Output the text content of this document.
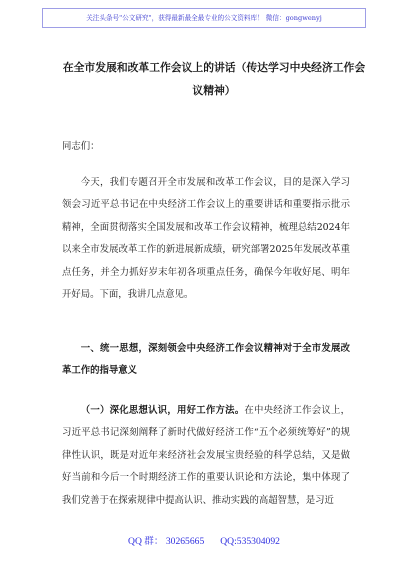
关注头条号"公文研究"，获得最新最全最专业的公文资料库！ 微信：gongwenyj
在全市发展和改革工作会议上的讲话（传达学习中央经济工作会议精神）

同志们：

今天，我们专题召开全市发展和改革工作会议，目的是深入学习领会习近平总书记在中央经济工作会议上的重要讲话和重要指示批示精神，全面贯彻落实全国发展和改革工作会议精神，梳理总结2024年以来全市发展改革工作的新进展新成绩，研究部署2025年发展改革重点任务，并全力抓好岁末年初各项重点任务，确保今年收好尾、明年开好局。下面，我讲几点意见。

一、统一思想，深刻领会中央经济工作会议精神对于全市发展改革工作的指导意义

（一）深化思想认识，用好工作方法。在中央经济工作会议上，习近平总书记深刻阐释了新时代做好经济工作“五个必须统筹好”的规律性认识，既是对近年来经济社会发展宝贵经验的科学总结，又是做好当前和今后一个时期经济工作的重要认识论和方法论，集中体现了我们党善于在探索规律中提高认识、推动实践的高超智慧，是习近

QQ 群： 30265665 QQ:535304092
